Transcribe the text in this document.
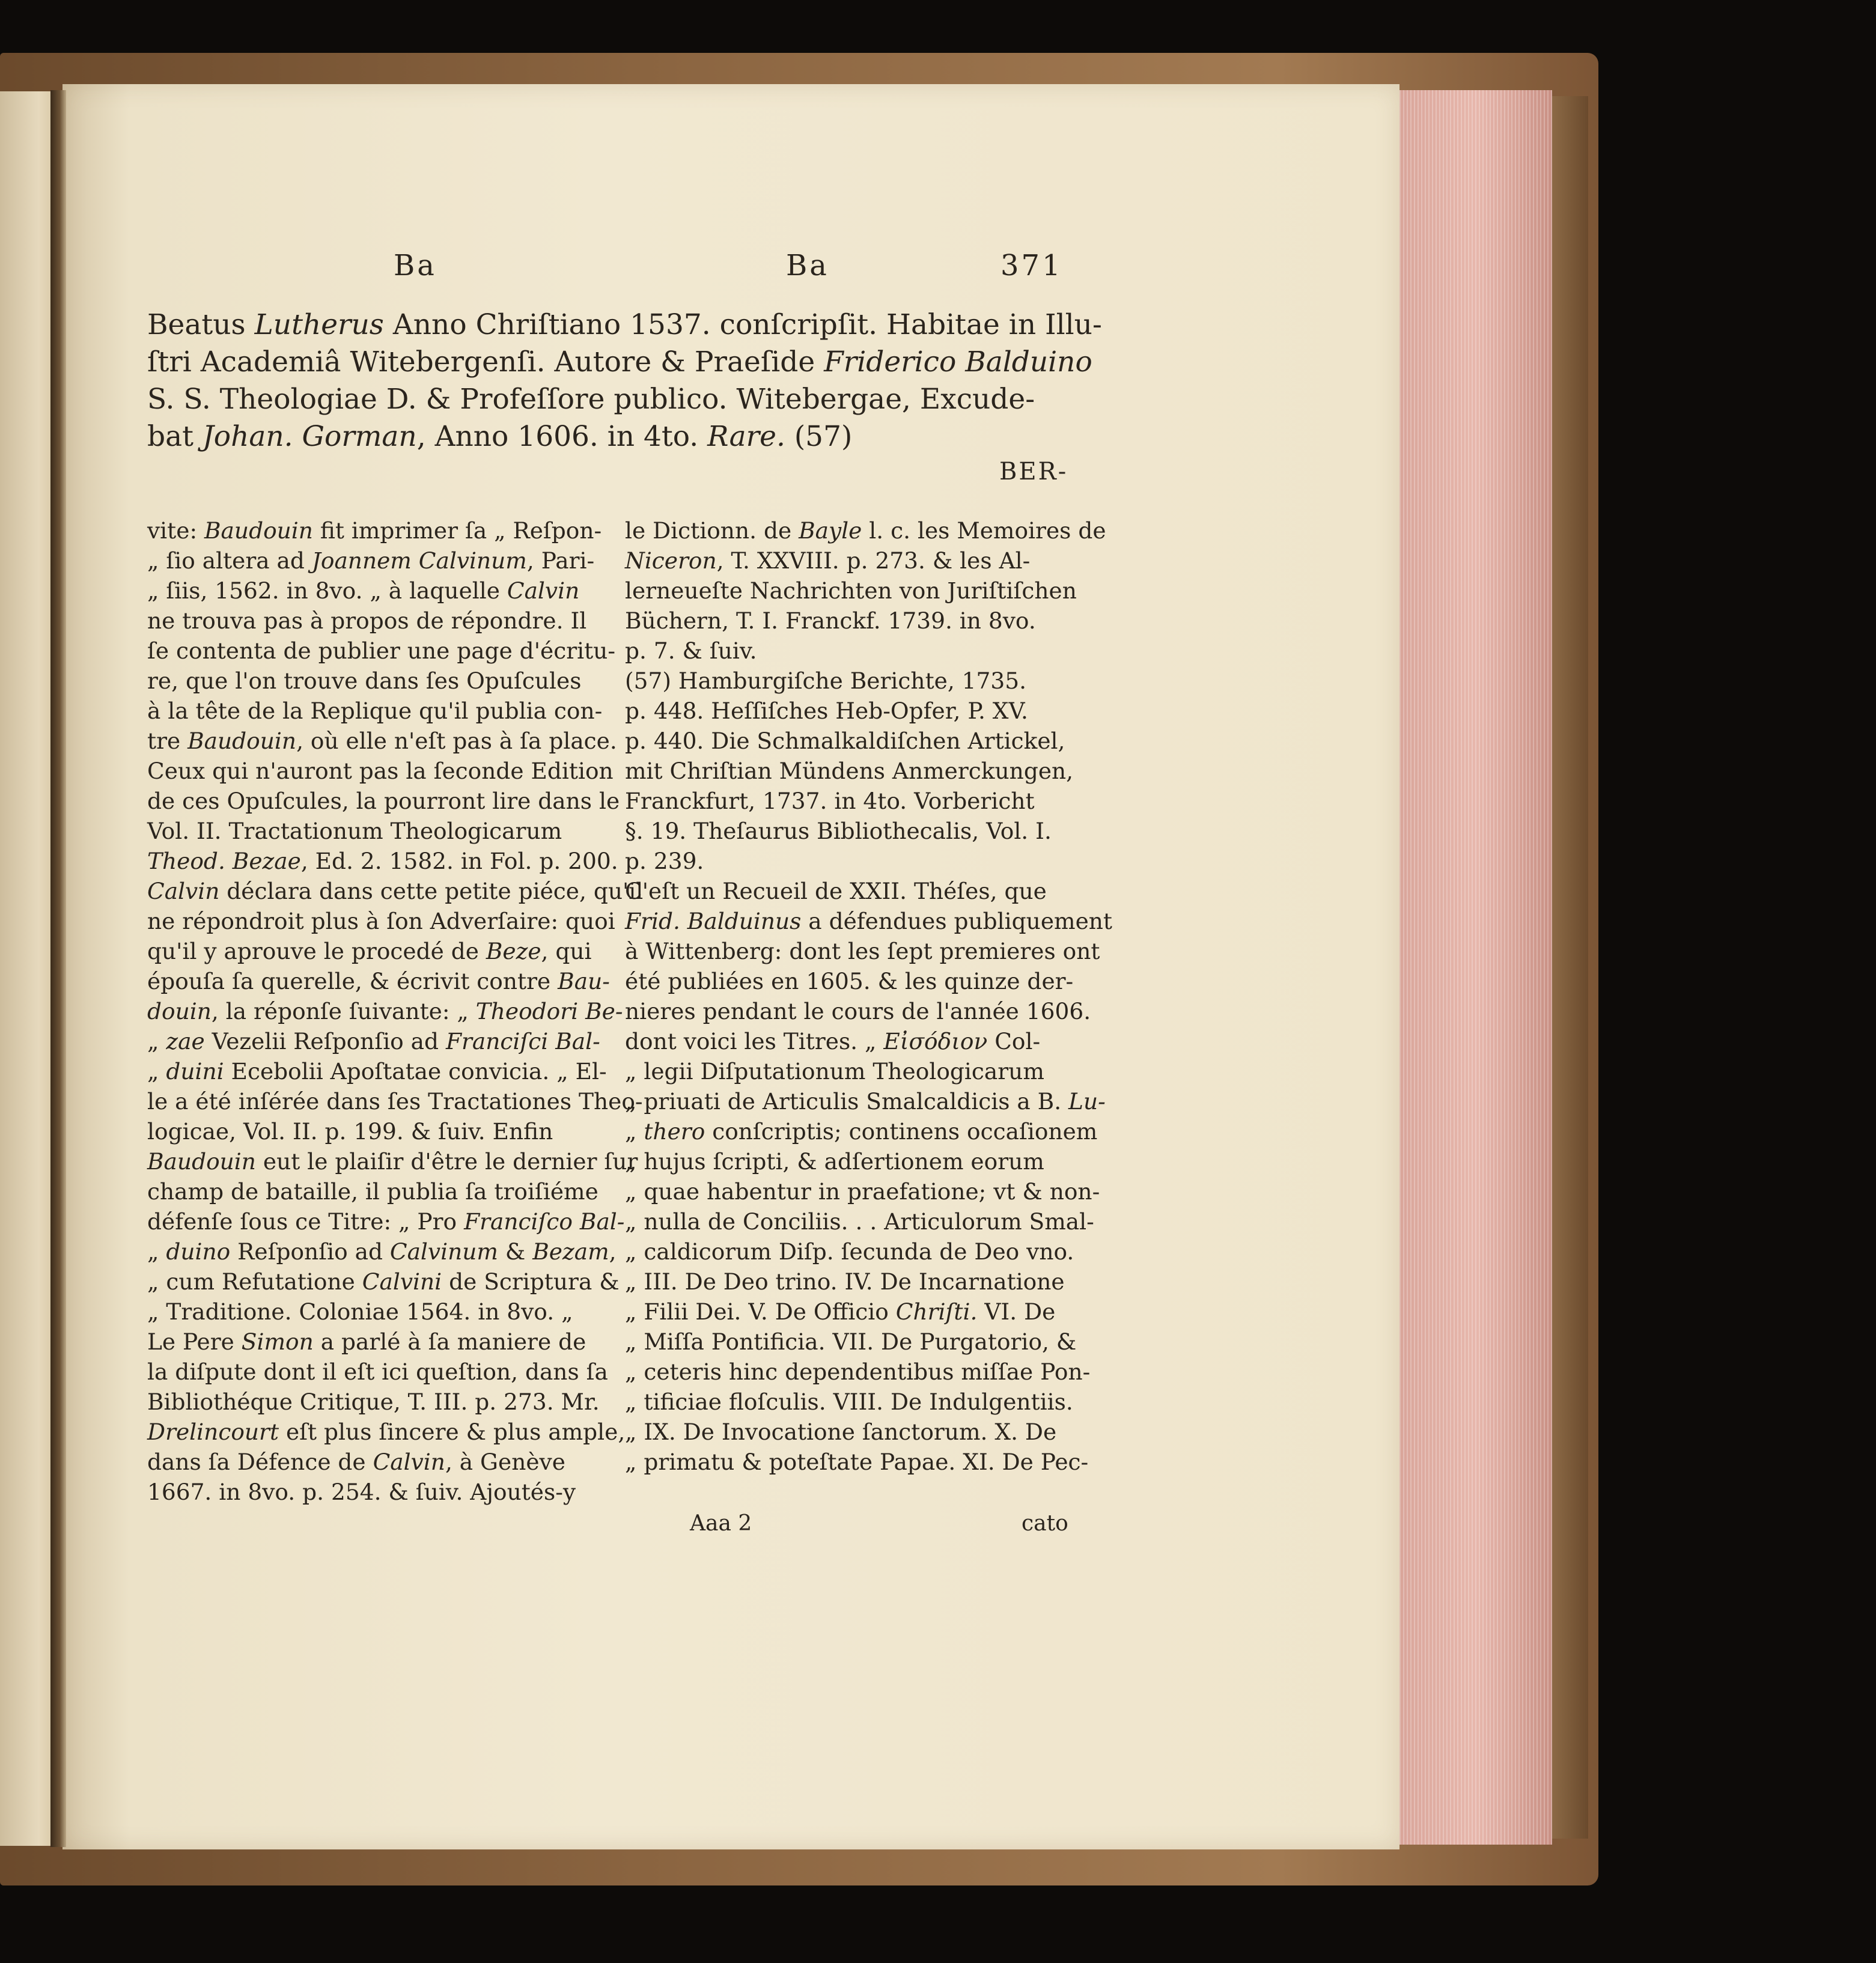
Ba	Ba	371
Beatus Lutherus Anno Chriſtiano 1537. conſcripſit. Habitae in Illu-
ſtri Academiâ Witebergenſi. Autore & Praeſide Friderico Balduino
S. S. Theologiae D. & Profeſſore publico. Witebergae, Excude-
bat Johan. Gorman, Anno 1606. in 4to. Rare. (57)
BER-
vite: Baudouin fit imprimer ſa „ Reſpon-
„ ſio altera ad Joannem Calvinum, Pari-
„ ſiis, 1562. in 8vo. „ à laquelle Calvin
ne trouva pas à propos de répondre. Il
ſe contenta de publier une page d'écritu-
re, que l'on trouve dans ſes Opuſcules
à la tête de la Replique qu'il publia con-
tre Baudouin, où elle n'eſt pas à ſa place.
Ceux qui n'auront pas la ſeconde Edition
de ces Opuſcules, la pourront lire dans le
Vol. II. Tractationum Theologicarum
Theod. Bezae, Ed. 2. 1582. in Fol. p. 200.
Calvin déclara dans cette petite piéce, qu'il
ne répondroit plus à ſon Adverſaire: quoi
qu'il y aprouve le procedé de Beze, qui
épouſa ſa querelle, & écrivit contre Bau-
douin, la réponſe ſuivante: „ Theodori Be-
„ zae Vezelii Reſponſio ad Franciſci Bal-
„ duini Ecebolii Apoſtatae convicia. „ El-
le a été inſérée dans ſes Tractationes Theo-
logicae, Vol. II. p. 199. & ſuiv. Enfin
Baudouin eut le plaiſir d'être le dernier ſur
champ de bataille, il publia ſa troiſiéme
défenſe ſous ce Titre: „ Pro Franciſco Bal-
„ duino Reſponſio ad Calvinum & Bezam,
„ cum Refutatione Calvini de Scriptura &
„ Traditione. Coloniae 1564. in 8vo. „
Le Pere Simon a parlé à ſa maniere de
la diſpute dont il eſt ici queſtion, dans ſa
Bibliothéque Critique, T. III. p. 273. Mr.
Drelincourt eſt plus ſincere & plus ample,
dans ſa Défence de Calvin, à Genève
1667. in 8vo. p. 254. & ſuiv. Ajoutés-y
le Dictionn. de Bayle l. c. les Memoires de
Niceron, T. XXVIII. p. 273. & les Al-
lerneueſte Nachrichten von Juriſtiſchen
Büchern, T. I. Franckf. 1739. in 8vo.
p. 7. & ſuiv.
(57) Hamburgiſche Berichte, 1735.
p. 448. Heſſiſches Heb-Opfer, P. XV.
p. 440. Die Schmalkaldiſchen Artickel,
mit Chriſtian Mündens Anmerckungen,
Franckfurt, 1737. in 4to. Vorbericht
§. 19. Theſaurus Bibliothecalis, Vol. I.
p. 239.
C'eſt un Recueil de XXII. Théſes, que
Frid. Balduinus a défendues publiquement
à Wittenberg: dont les ſept premieres ont
été publiées en 1605. & les quinze der-
nieres pendant le cours de l'année 1606.
dont voici les Titres. „ Eἰσόδιον Col-
„ legii Diſputationum Theologicarum
„ priuati de Articulis Smalcaldicis a B. Lu-
„ thero conſcriptis; continens occaſionem
„ hujus ſcripti, & adſertionem eorum
„ quae habentur in praefatione; vt & non-
„ nulla de Conciliis. . . Articulorum Smal-
„ caldicorum Diſp. ſecunda de Deo vno.
„ III. De Deo trino. IV. De Incarnatione
„ Filii Dei. V. De Officio Chriſti. VI. De
„ Miſſa Pontificia. VII. De Purgatorio, &
„ ceteris hinc dependentibus miſſae Pon-
„ tificiae floſculis. VIII. De Indulgentiis.
„ IX. De Invocatione ſanctorum. X. De
„ primatu & poteſtate Papae. XI. De Pec-
Aaa 2	cato
